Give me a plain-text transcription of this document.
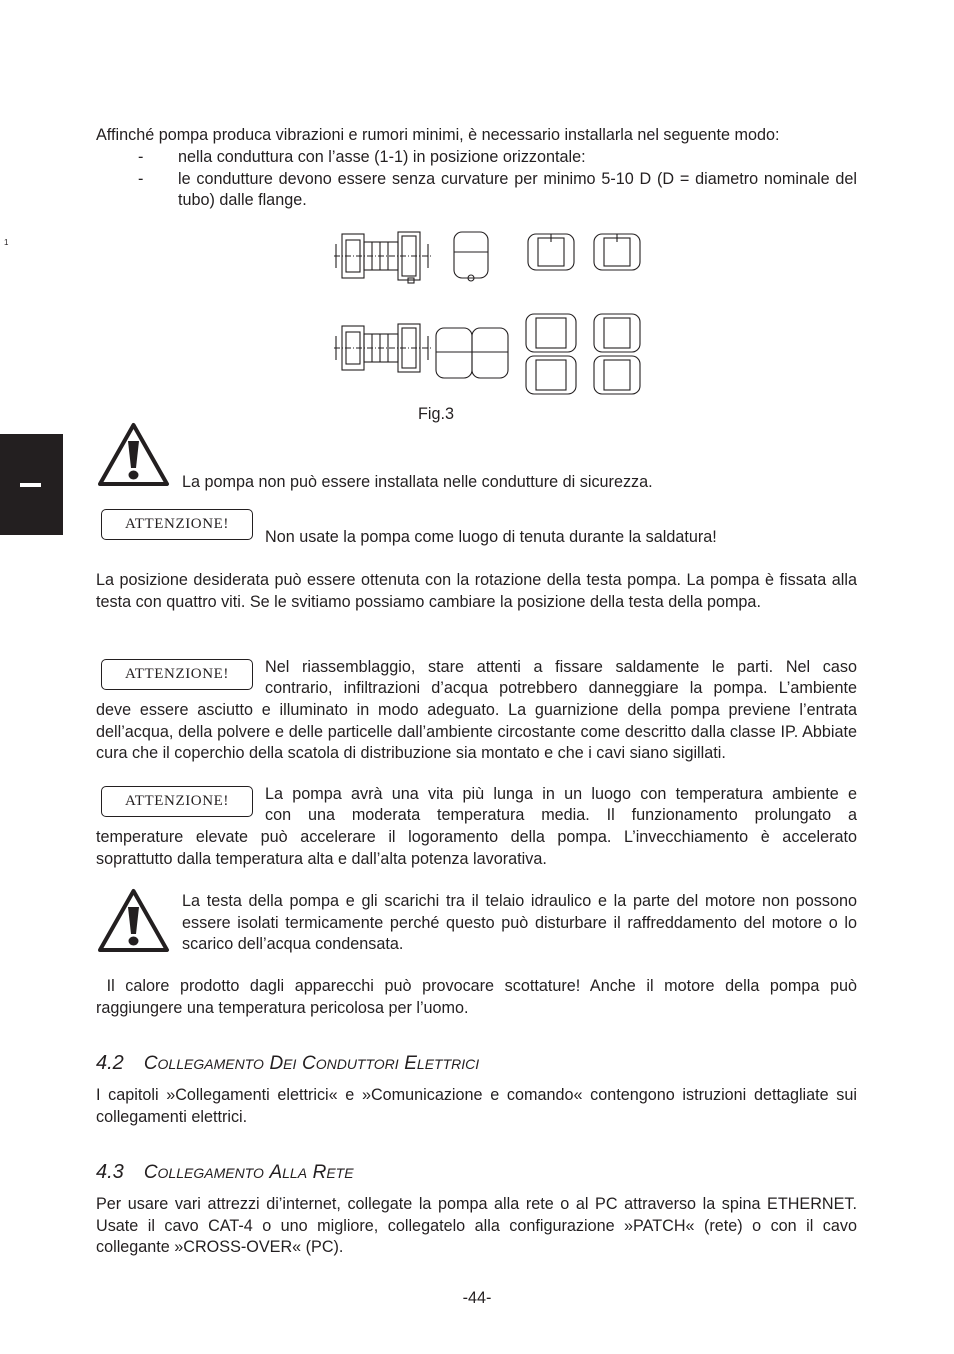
Affinché pompa produca vibrazioni e rumori minimi, è necessario installarla nel seguente modo:
-	nella conduttura con l’asse (1-1) in posizione orizzontale:
-	le condutture devono essere senza curvature per minimo 5-10 D (D = diametro nominale del tubo) dalle flange.
1
Fig.3
La pompa non può essere installata nelle condutture di sicurezza.
ATTENZIONE!
Non usate la pompa come luogo di tenuta durante la saldatura!
La posizione desiderata può essere ottenuta con la rotazione della testa pompa. La pompa è fissata alla testa con quattro viti. Se le svitiamo possiamo cambiare la posizione della testa della pompa.
ATTENZIONE!	Nel riassemblaggio, stare attenti a fissare saldamente le parti. Nel caso
contrario, infiltrazioni d’acqua potrebbero danneggiare la pompa. L’ambiente
deve essere asciutto e illuminato in modo adeguato. La guarnizione della pompa previene l’entrata dell’acqua, della polvere e delle particelle dall’ambiente circostante come descritto dalla classe IP. Abbiate cura che il coperchio della scatola di distribuzione sia montato e che i cavi siano sigillati.
ATTENZIONE!	La pompa avrà una vita più lunga in un luogo con temperatura ambiente e
con una moderata temperatura media. Il funzionamento prolungato a
temperature elevate può accelerare il logoramento della pompa. L’invecchiamento è accelerato soprattutto dalla temperatura alta e dall’alta potenza lavorativa.
La testa della pompa e gli scarichi tra il telaio idraulico e la parte del motore non possono essere isolati termicamente perché questo può disturbare il raffreddamento del motore o lo scarico dell’acqua condensata.
Il calore prodotto dagli apparecchi può provocare scottature! Anche il motore della pompa può raggiungere una temperatura pericolosa per l’uomo.
4.2 COLLEGAMENTO DEI CONDUTTORI ELETTRICI
I capitoli »Collegamenti elettrici« e »Comunicazione e comando« contengono istruzioni dettagliate sui collegamenti elettrici.
4.3 COLLEGAMENTO ALLA RETE
Per usare vari attrezzi di’internet, collegate la pompa alla rete o al PC attraverso la spina ETHERNET. Usate il cavo CAT-4 o uno migliore, collegatelo alla configurazione »PATCH« (rete) o con il cavo collegante »CROSS-OVER« (PC).
-44-
